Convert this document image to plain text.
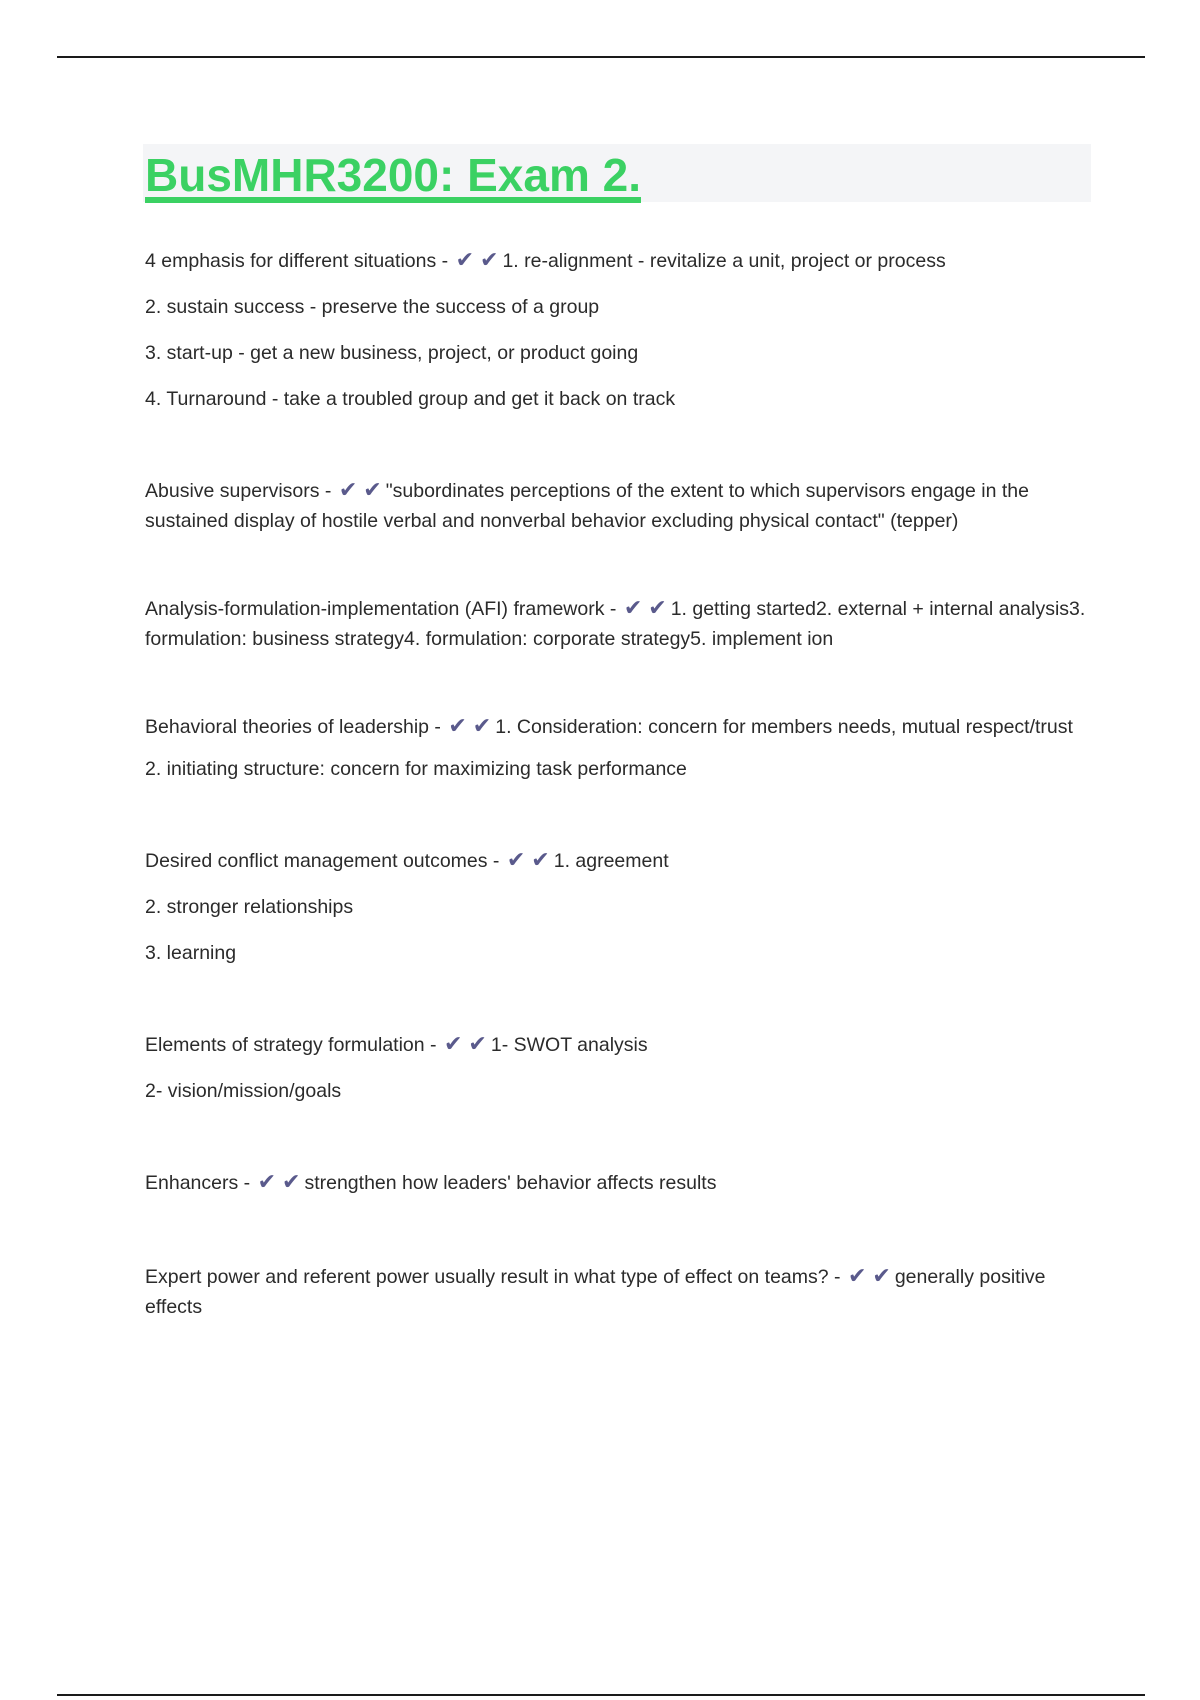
BusMHR3200: Exam 2.

4 emphasis for different situations - ✔ ✔ 1. re-alignment - revitalize a unit, project or process

2. sustain success - preserve the success of a group

3. start-up - get a new business, project, or product going

4. Turnaround - take a troubled group and get it back on track

Abusive supervisors - ✔ ✔ "subordinates perceptions of the extent to which supervisors engage in the sustained display of hostile verbal and nonverbal behavior excluding physical contact" (tepper)

Analysis-formulation-implementation (AFI) framework - ✔ ✔ 1. getting started2. external + internal analysis3. formulation: business strategy4. formulation: corporate strategy5. implement ion

Behavioral theories of leadership - ✔ ✔ 1. Consideration: concern for members needs, mutual respect/trust

2. initiating structure: concern for maximizing task performance

Desired conflict management outcomes - ✔ ✔ 1. agreement

2. stronger relationships

3. learning

Elements of strategy formulation - ✔ ✔ 1- SWOT analysis

2- vision/mission/goals

Enhancers - ✔ ✔ strengthen how leaders' behavior affects results

Expert power and referent power usually result in what type of effect on teams? - ✔ ✔ generally positive effects
